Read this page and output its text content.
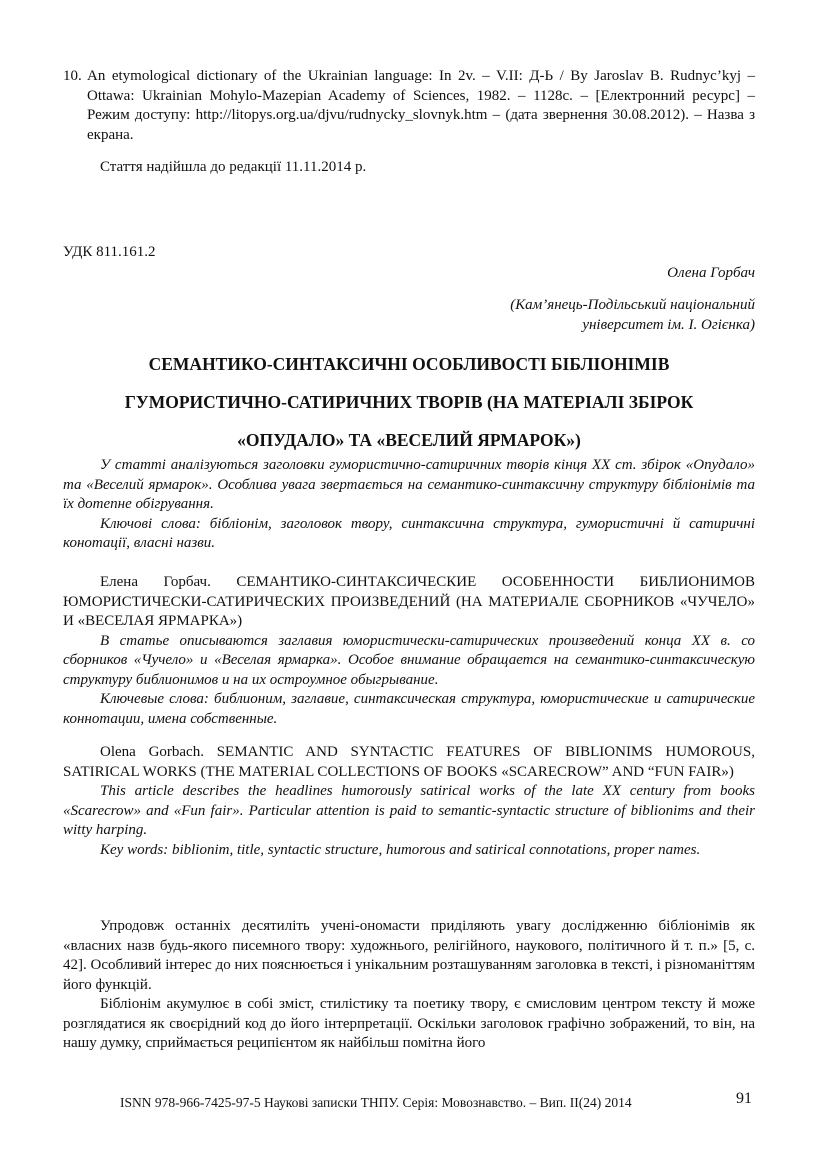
10. An etymological dictionary of the Ukrainian language: In 2v. – V.II: Д-Ь / By Jaroslav B. Rudnyc’kyj – Ottawa: Ukrainian Mohylo-Mazepian Academy of Sciences, 1982. – 1128с. – [Електронний ресурс] – Режим доступу: http://litopys.org.ua/djvu/rudnycky_slovnyk.htm – (дата звернення 30.08.2012). – Назва з екрана.
Стаття надійшла до редакції 11.11.2014 р.
УДК 811.161.2
Олена Горбач

(Кам’янець-Подільський національний

університет ім. І. Огієнка)

СЕМАНТИКО-СИНТАКСИЧНІ ОСОБЛИВОСТІ БІБЛІОНІМІВ
ГУМОРИСТИЧНО-САТИРИЧНИХ ТВОРІВ (НА МАТЕРІАЛІ ЗБІРОК
«ОПУДАЛО» ТА «ВЕСЕЛИЙ ЯРМАРОК»)

У статті аналізуються заголовки гумористично-сатиричних творів кінця ХХ ст. збірок «Опудало» та «Веселий ярмарок». Особлива увага звертається на семантико-синтаксичну структуру бібліонімів та їх дотепне обігрування.

Ключові слова: бібліонім, заголовок твору, синтаксична структура, гумористичні й сатиричні конотації, власні назви.

Елена Горбач. СЕМАНТИКО-СИНТАКСИЧЕСКИЕ ОСОБЕННОСТИ БИБЛИОНИМОВ ЮМОРИСТИЧЕСКИ-САТИРИЧЕСКИХ ПРОИЗВЕДЕНИЙ (НА МАТЕРИАЛЕ СБОРНИКОВ «ЧУЧЕЛО» И «ВЕСЕЛАЯ ЯРМАРКА»)

В статье описываются заглавия юмористически-сатирических произведений конца ХХ в. со сборников «Чучело» и «Веселая ярмарка». Особое внимание обращается на семантико-синтаксическую структуру библионимов и на их остроумное обыгрывание.

Ключевые слова: библионим, заглавие, синтаксическая структура, юмористические и сатирические коннотации, имена собственные.

Olena Gorbach. SEMANTIC AND SYNTACTIC FEATURES OF BIBLIONIMS HUMOROUS, SATIRICAL WORKS (THE MATERIAL COLLECTIONS OF BOOKS «SCARECROW” AND “FUN FAIR»)

This article describes the headlines humorously satirical works of the late XX century from books «Scarecrow» and «Fun fair». Particular attention is paid to semantic-syntactic structure of biblionims and their witty harping.

Key words: biblionim, title, syntactic structure, humorous and satirical connotations, proper names.

Упродовж останніх десятиліть учені-ономасти приділяють увагу дослідженню бібліонімів як «власних назв будь-якого писемного твору: художнього, релігійного, наукового, політичного й т. п.» [5, с. 42]. Особливий інтерес до них пояснюється і унікальним розташуванням заголовка в тексті, і різноманіттям його функцій.

Бібліонім акумулює в собі зміст, стилістику та поетику твору, є смисловим центром тексту й може розглядатися як своєрідний код до його інтерпретації. Оскільки заголовок графічно зображений, то він, на нашу думку, сприймається реципієнтом як найбільш помітна його

ISNN 978-966-7425-97-5 Наукові записки ТНПУ. Серія: Мовознавство. – Вип. ІІ(24) 2014	91
